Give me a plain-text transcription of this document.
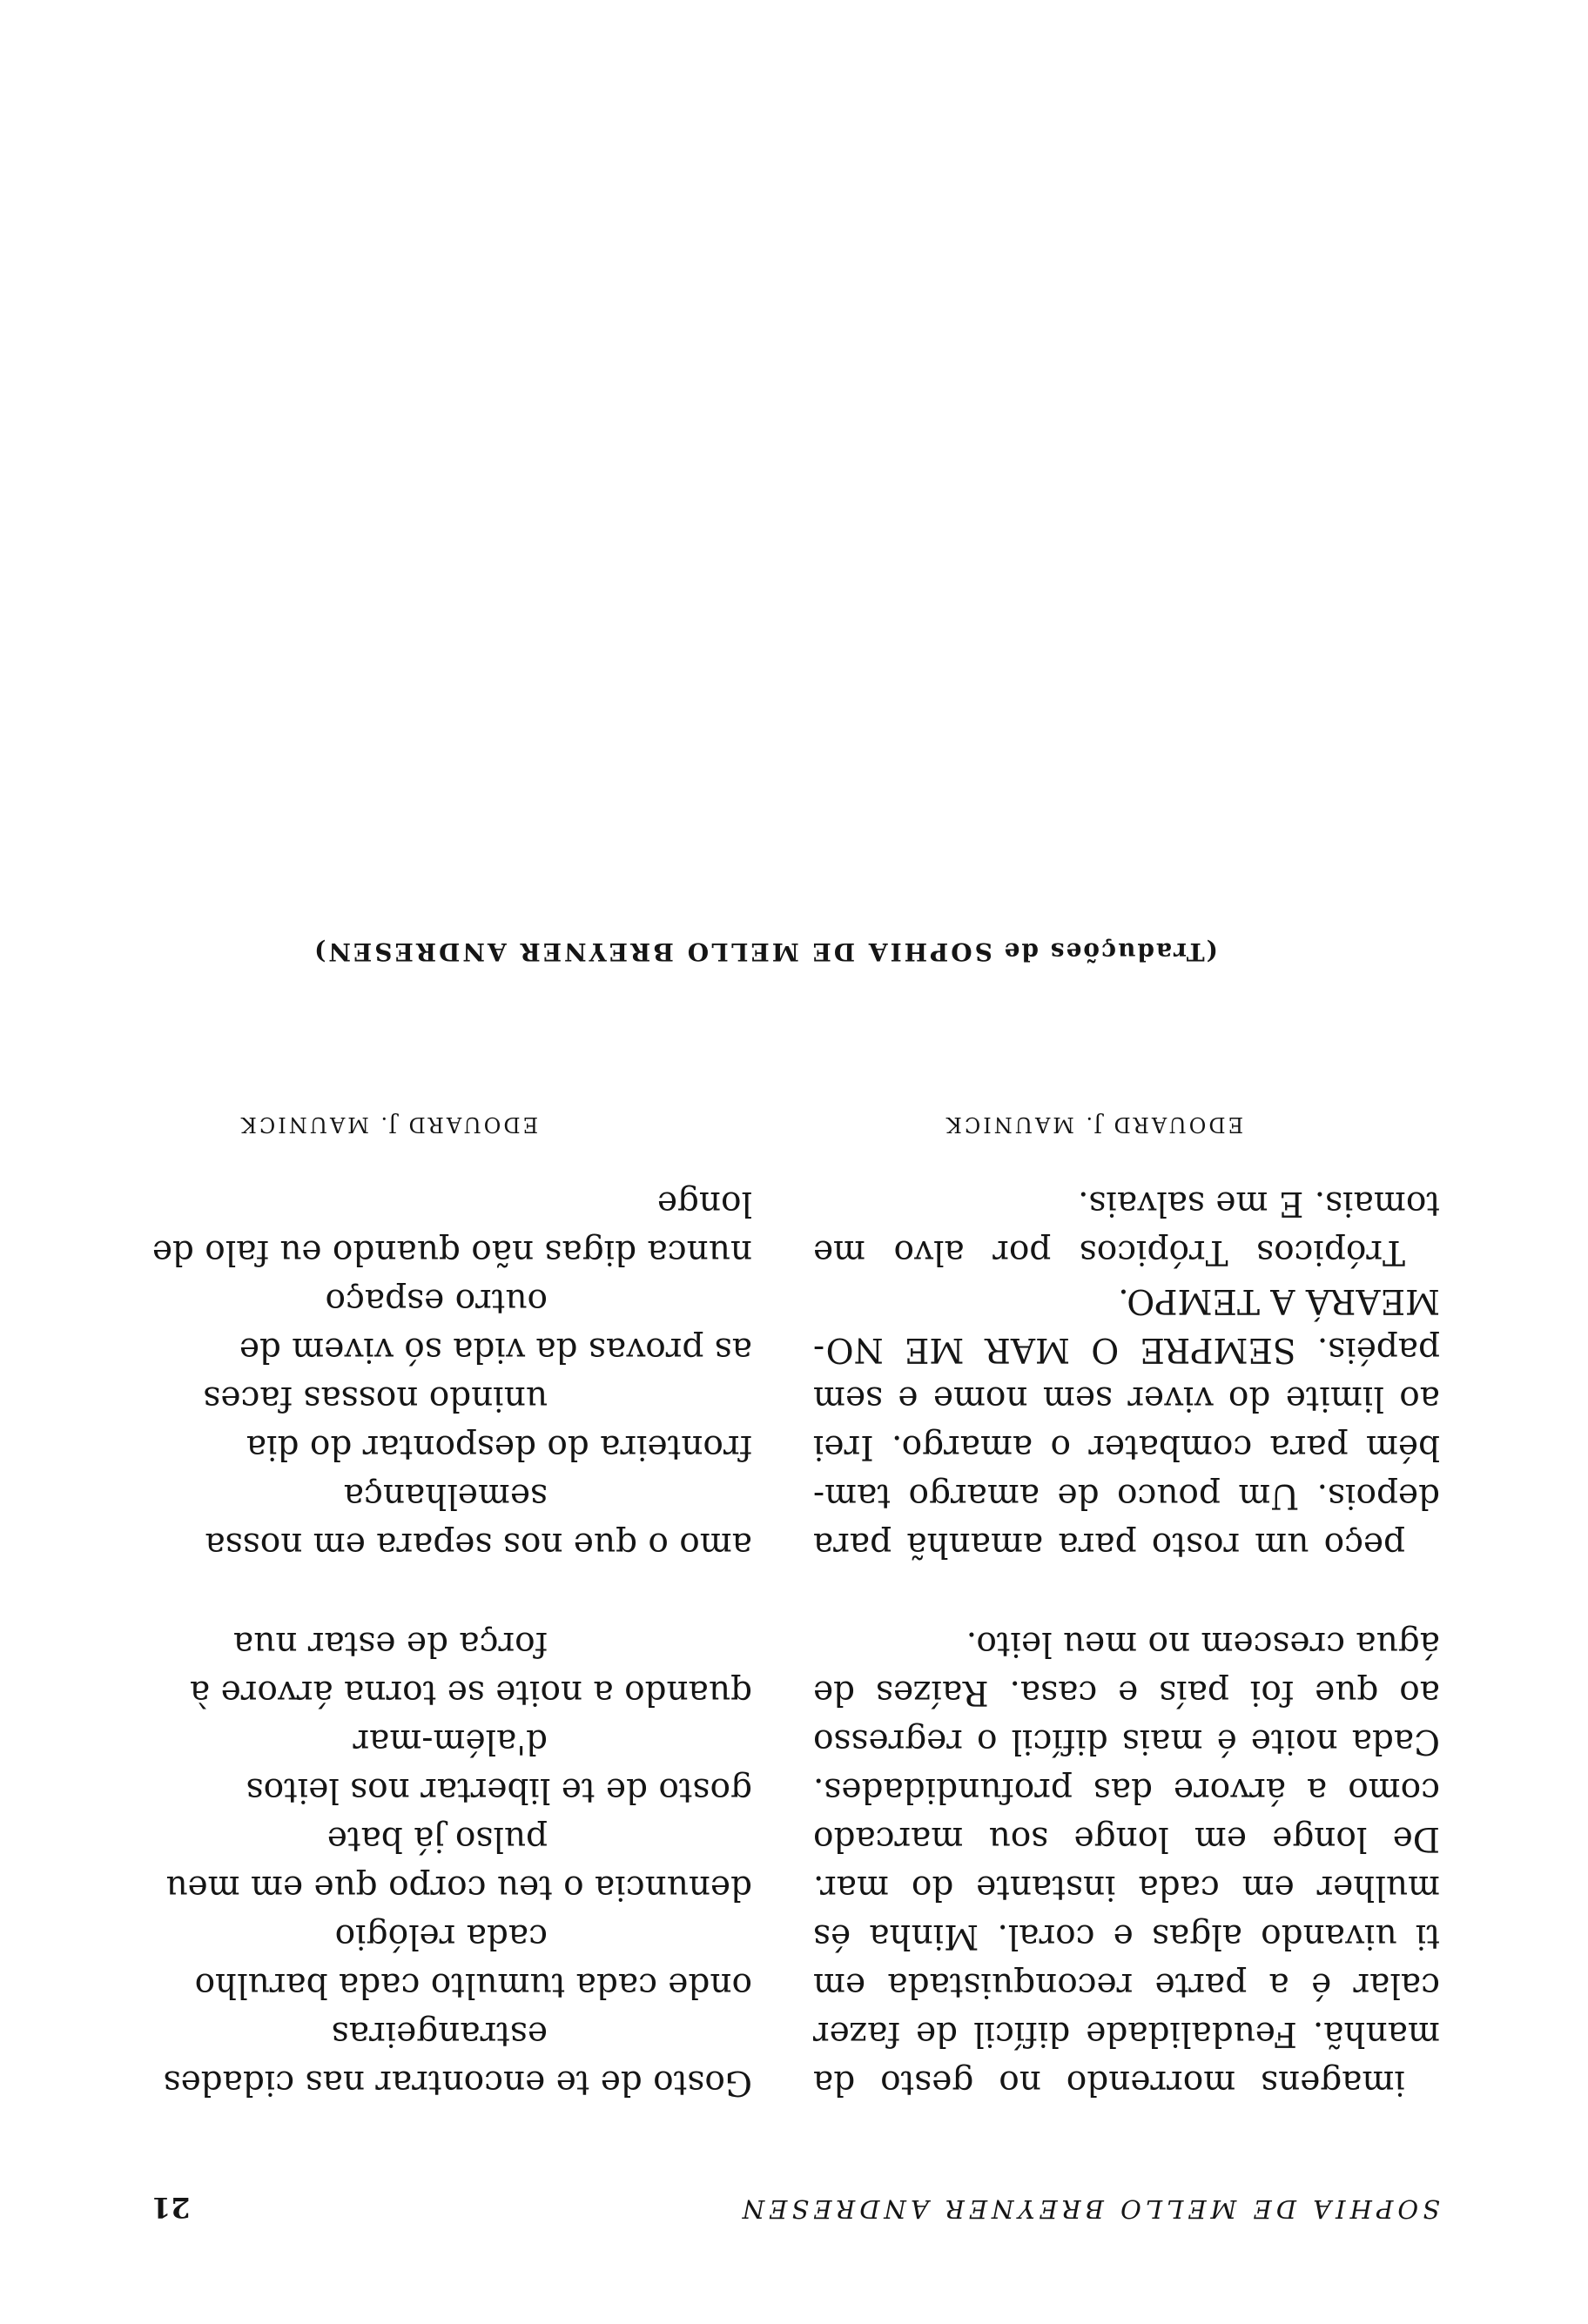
SOPHIA DE MELLO BREYNER ANDRESEN
21
imagens morrendo no gesto da
manhã. Feudalidade difícil de fazer
calar é a parte reconquistada em
ti uivando algas e coral. Minha és
mulher em cada instante do mar.
De longe em longe sou marcado
como a árvore das profundidades.
Cada noite é mais difícil o regresso
ao que foi país e casa. Raízes de
água crescem no meu leito.
peço um rosto para amanhã para
depois. Um pouco de amargo tam-
bém para combater o amargo. Irei
ao limite do viver sem nome e sem
papéis. SEMPRE O MAR ME NO-
MEARÁ A TEMPO.
Trópicos Trópicos por alvo me
tomais. E me salvais.
EDOUARD J. MAUNICK
Gosto de te encontrar nas cidades
estrangeiras
onde cada tumulto cada barulho
cada relógio
denuncia o teu corpo que em meu
pulso já bate
gosto de te libertar nos leitos
d'além-mar
quando a noite se torna árvore à
força de estar nua
amo o que nos separa em nossa
semelhança
fronteira do despontar do dia
unindo nossas faces
as provas da vida só vivem de
outro espaço
nunca digas não quando eu falo de
longe
EDOUARD J. MAUNICK
(Traduções de SOPHIA DE MELLO BREYNER ANDRESEN)
